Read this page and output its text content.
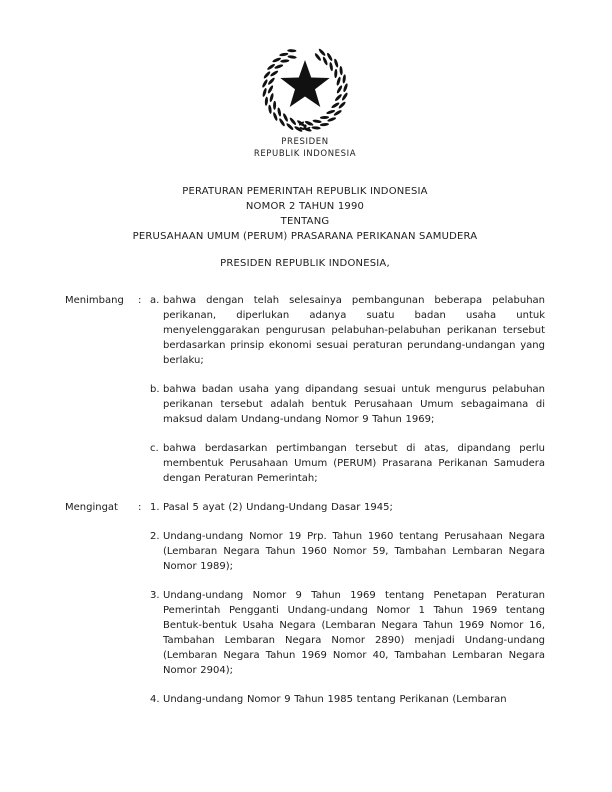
PRESIDEN
REPUBLIK INDONESIA
PERATURAN PEMERINTAH REPUBLIK INDONESIA
NOMOR 2 TAHUN 1990
TENTANG
PERUSAHAAN UMUM (PERUM) PRASARANA PERIKANAN SAMUDERA
PRESIDEN REPUBLIK INDONESIA,
Menimbang	: a. bahwa dengan telah selesainya pembangunan beberapa pelabuhan perikanan, diperlukan adanya suatu badan usaha untuk menyelenggarakan pengurusan pelabuhan-pelabuhan perikanan tersebut berdasarkan prinsip ekonomi sesuai peraturan perundang-undangan yang berlaku;
b. bahwa badan usaha yang dipandang sesuai untuk mengurus pelabuhan perikanan tersebut adalah bentuk Perusahaan Umum sebagaimana di maksud dalam Undang-undang Nomor 9 Tahun 1969;
c. bahwa berdasarkan pertimbangan tersebut di atas, dipandang perlu membentuk Perusahaan Umum (PERUM) Prasarana Perikanan Samudera dengan Peraturan Pemerintah;
Mengingat	: 1. Pasal 5 ayat (2) Undang-Undang Dasar 1945;
2. Undang-undang Nomor 19 Prp. Tahun 1960 tentang Perusahaan Negara (Lembaran Negara Tahun 1960 Nomor 59, Tambahan Lembaran Negara Nomor 1989);
3. Undang-undang Nomor 9 Tahun 1969 tentang Penetapan Peraturan Pemerintah Pengganti Undang-undang Nomor 1 Tahun 1969 tentang Bentuk-bentuk Usaha Negara (Lembaran Negara Tahun 1969 Nomor 16, Tambahan Lembaran Negara Nomor 2890) menjadi Undang-undang (Lembaran Negara Tahun 1969 Nomor 40, Tambahan Lembaran Negara Nomor 2904);
4. Undang-undang Nomor 9 Tahun 1985 tentang Perikanan (Lembaran
